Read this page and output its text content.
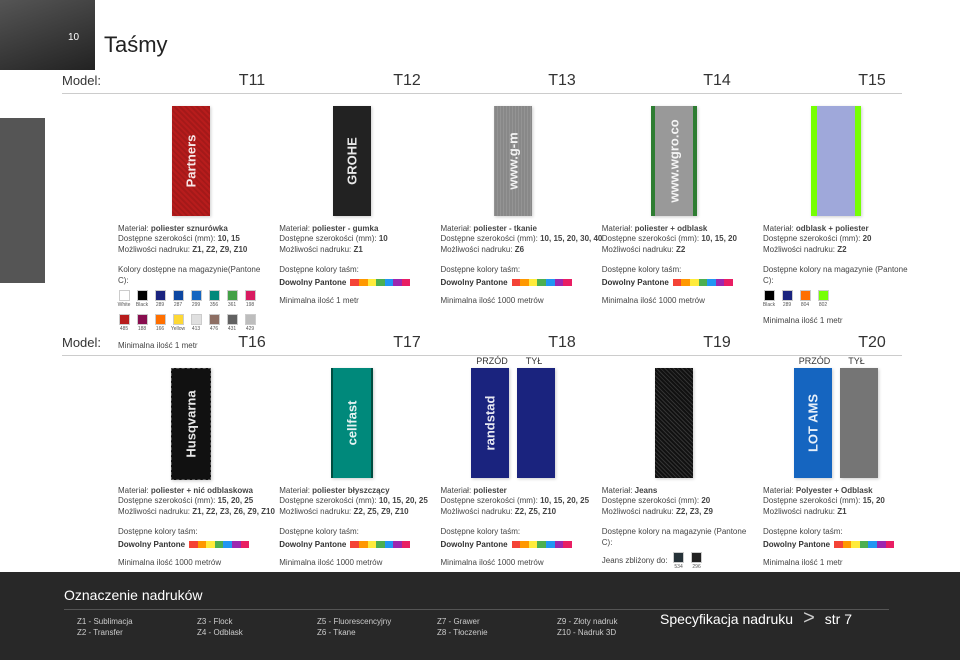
10 Taśmy
Model:	T11	T12	T13	T14	T15
Partners
Materiał: poliester sznurówka
Dostępne szerokości (mm): 10, 15
Możliwości nadruku: Z1, Z2, Z9, Z10
Kolory dostępne na magazynie(Pantone C):
White Black 289 287 299 356 361 198
485 188 166 Yellow 413 476 431 429
Minimalna ilość 1 metr
GROHE
Materiał: poliester - gumka
Dostępne szerokości (mm): 10
Możliwości nadruku: Z1
Dostępne kolory taśm:
Dowolny Pantone
Minimalna ilość 1 metr
www.g-m
Materiał: poliester - tkanie
Dostępne szerokości (mm): 10, 15, 20, 30, 40
Możliwości nadruku: Z6
Dostępne kolory taśm:
Dowolny Pantone
Minimalna ilość 1000 metrów
www.wgro.co
Materiał: poliester + odblask
Dostępne szerokości (mm): 10, 15, 20
Możliwości nadruku: Z2
Dostępne kolory taśm:
Dowolny Pantone
Minimalna ilość 1000 metrów
Materiał: odblask + poliester
Dostępne szerokości (mm): 20
Możliwości nadruku: Z2
Dostępne kolory na magazynie (Pantone C):
Black 289 804 802
Minimalna ilość 1 metr
Model:	T16	T17	T18	T19	T20
Husqvarna
Materiał: poliester + nić odblaskowa
Dostępne szerokości (mm): 15, 20, 25
Możliwości nadruku: Z1, Z2, Z3, Z6, Z9, Z10
Dostępne kolory taśm:
Dowolny Pantone
Minimalna ilość 1000 metrów
cellfast
Materiał: poliester błyszczący
Dostępne szerokości (mm): 10, 15, 20, 25
Możliwości nadruku: Z2, Z5, Z9, Z10
Dostępne kolory taśm:
Dowolny Pantone
Minimalna ilość 1000 metrów
PRZÓD	TYŁ
randstad
Materiał: poliester
Dostępne szerokości (mm): 10, 15, 20, 25
Możliwości nadruku: Z2, Z5, Z10
Dostępne kolory taśm:
Dowolny Pantone
Minimalna ilość 1000 metrów
Materiał: Jeans
Dostępne szerokości (mm): 20
Możliwości nadruku: Z2, Z3, Z9
Dostępne kolory na magazynie (Pantone C):
Jeans zbliżony do:
534 296
PRZÓD	TYŁ
LOT AMS
Materiał: Polyester + Odblask
Dostępne szerokości (mm): 15, 20
Możliwości nadruku: Z1
Dostępne kolory taśm:
Dowolny Pantone
Minimalna ilość 1 metr
Oznaczenie nadruków
Z1 - Sublimacja
Z2 - Transfer
Z3 - Flock
Z4 - Odblask
Z5 - Fluorescencyjny
Z6 - Tkane
Z7 - Grawer
Z8 - Tłoczenie
Z9 - Złoty nadruk
Z10 - Nadruk 3D
Specyfikacja nadruku > str 7
